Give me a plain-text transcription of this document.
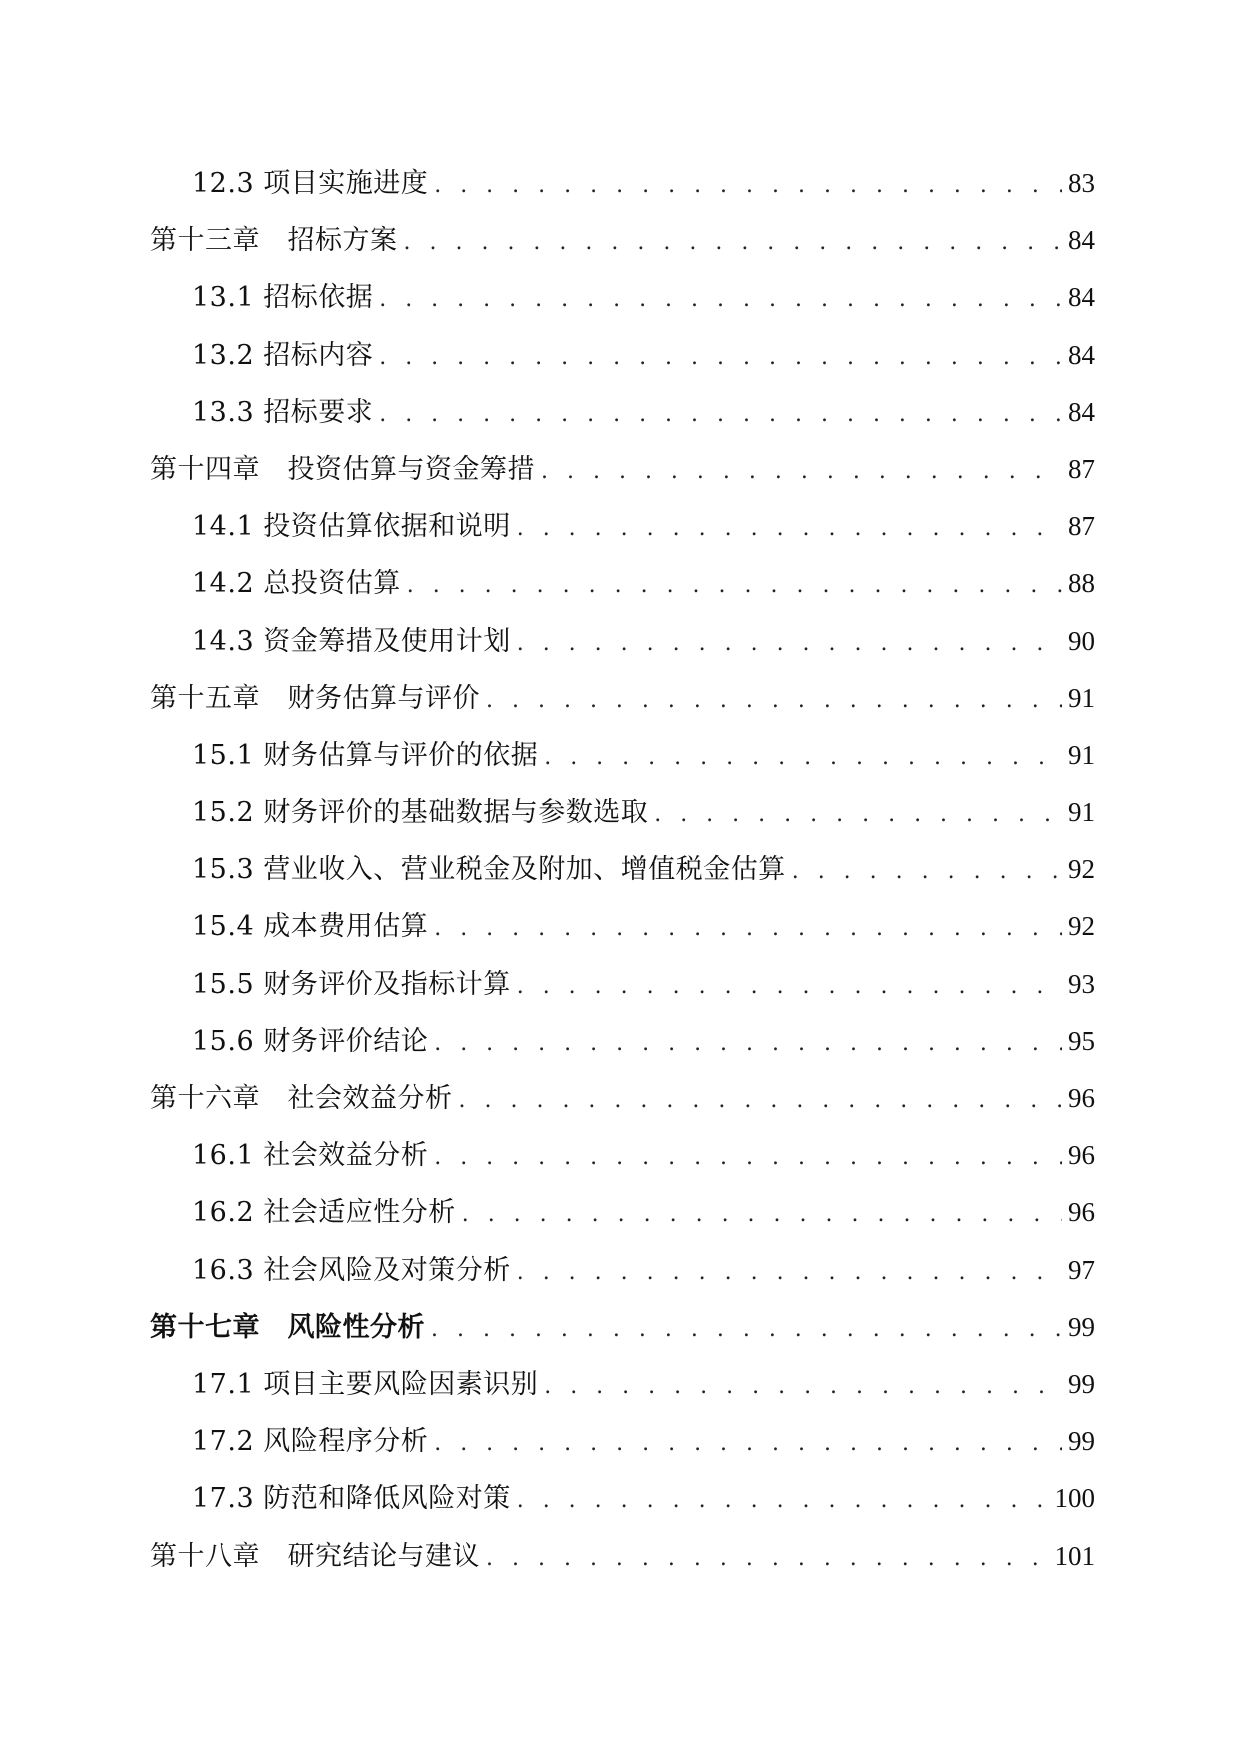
12.3 项目实施进度 . . .	83
第十三章　招标方案 . . .	84
13.1 招标依据 . . .	84
13.2 招标内容 . . .	84
13.3 招标要求 . . .	84
第十四章　投资估算与资金筹措 . . .	87
14.1 投资估算依据和说明 . . .	87
14.2 总投资估算 . . .	88
14.3 资金筹措及使用计划 . . .	90
第十五章　财务估算与评价 . . .	91
15.1 财务估算与评价的依据 . . .	91
15.2 财务评价的基础数据与参数选取 . . .	91
15.3 营业收入、营业税金及附加、增值税金估算 . . .	92
15.4 成本费用估算 . . .	92
15.5 财务评价及指标计算 . . .	93
15.6 财务评价结论 . . .	95
第十六章　社会效益分析 . . .	96
16.1 社会效益分析 . . .	96
16.2 社会适应性分析 . . .	96
16.3 社会风险及对策分析 . . .	97
第十七章　风险性分析 . . .	99
17.1 项目主要风险因素识别 . . .	99
17.2 风险程序分析 . . .	99
17.3 防范和降低风险对策 . . .	100
第十八章　研究结论与建议 . . .	101
